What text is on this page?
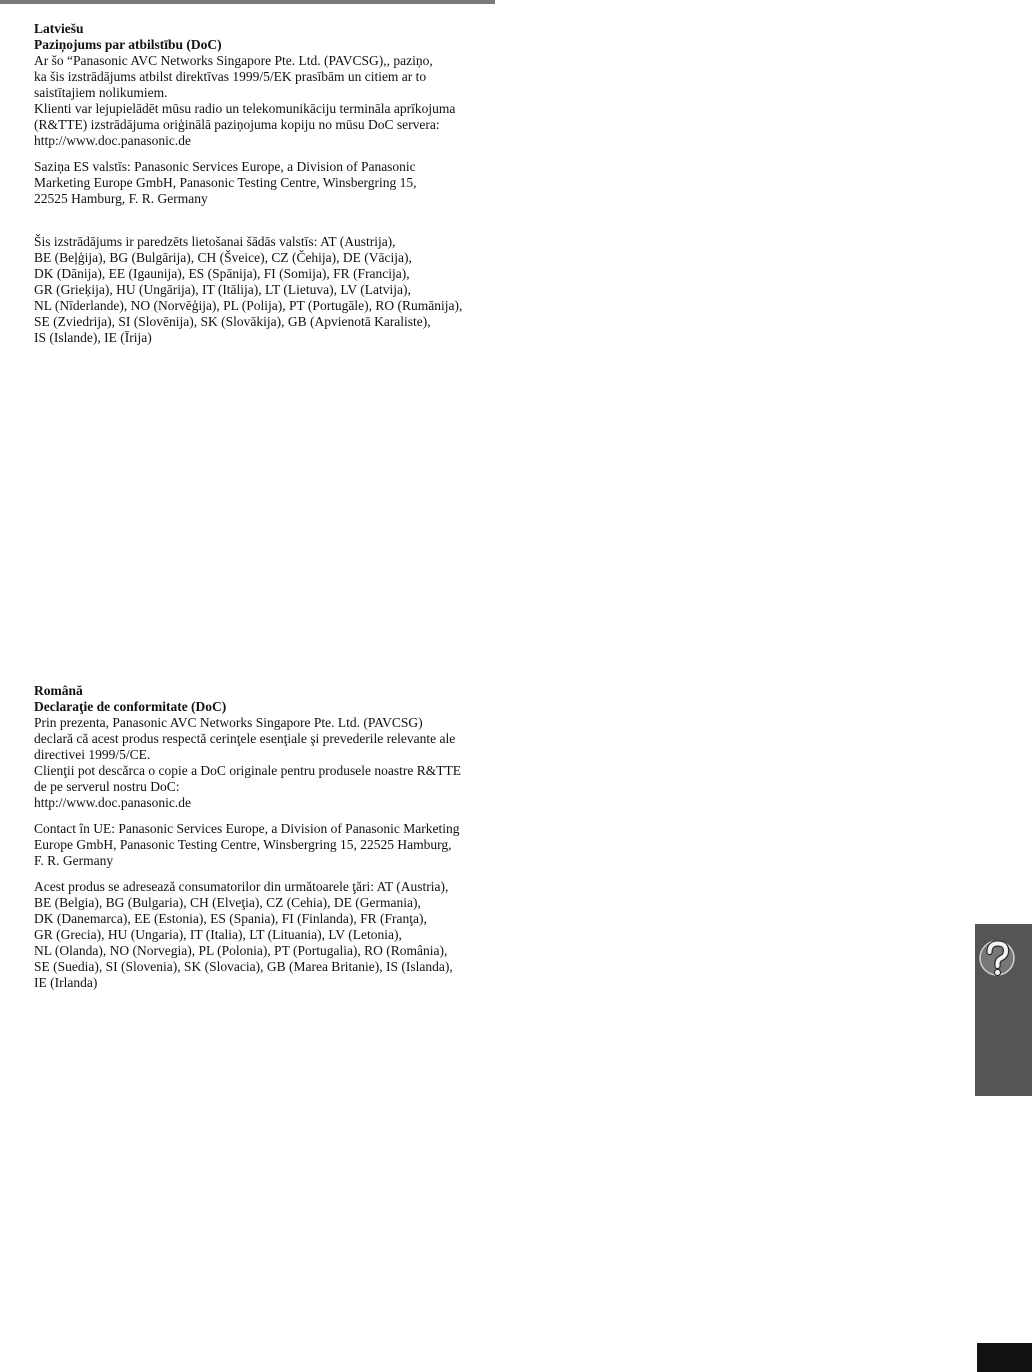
Latviešu
Paziņojums par atbilstību (DoC)
Ar šo “Panasonic AVC Networks Singapore Pte. Ltd. (PAVCSG),, paziņo,
ka šis izstrādājums atbilst direktīvas 1999/5/EK prasībām un citiem ar to
saistītajiem nolikumiem.
Klienti var lejupielādēt mūsu radio un telekomunikāciju terminālа aprīkojuma
(R&TTE) izstrādājuma oriģinālā paziņojuma kopiju no mūsu DoC servera:
http://www.doc.panasonic.de
Saziņa ES valstīs: Panasonic Services Europe, a Division of Panasonic
Marketing Europe GmbH, Panasonic Testing Centre, Winsbergring 15,
22525 Hamburg, F. R. Germany
Šis izstrādājums ir paredzēts lietošanai šādās valstīs: AT (Austrija),
BE (Beļģija), BG (Bulgārija), CH (Šveice), CZ (Čehija), DE (Vācija),
DK (Dānija), EE (Igaunija), ES (Spānija), FI (Somija), FR (Francija),
GR (Grieķija), HU (Ungārija), IT (Itālija), LT (Lietuva), LV (Latvija),
NL (Nīderlande), NO (Norvēģija), PL (Polija), PT (Portugāle), RO (Rumānija),
SE (Zviedrija), SI (Slovēnija), SK (Slovākija), GB (Apvienotā Karaliste),
IS (Islande), IE (Īrija)
Română
Declaraţie de conformitate (DoC)
Prin prezenta, Panasonic AVC Networks Singapore Pte. Ltd. (PAVCSG)
declară că acest produs respectă cerinţele esenţiale şi prevederile relevante ale
directivei 1999/5/CE.
Clienţii pot descărca o copie a DoC originale pentru produsele noastre R&TTE
de pe serverul nostru DoC:
http://www.doc.panasonic.de
Contact în UE: Panasonic Services Europe, a Division of Panasonic Marketing
Europe GmbH, Panasonic Testing Centre, Winsbergring 15, 22525 Hamburg,
F. R. Germany
Acest produs se adresează consumatorilor din următoarele ţări: AT (Austria),
BE (Belgia), BG (Bulgaria), CH (Elveţia), CZ (Cehia), DE (Germania),
DK (Danemarca), EE (Estonia), ES (Spania), FI (Finlanda), FR (Franţa),
GR (Grecia), HU (Ungaria), IT (Italia), LT (Lituania), LV (Letonia),
NL (Olanda), NO (Norvegia), PL (Polonia), PT (Portugalia), RO (România),
SE (Suedia), SI (Slovenia), SK (Slovacia), GB (Marea Britanie), IS (Islanda),
IE (Irlanda)
